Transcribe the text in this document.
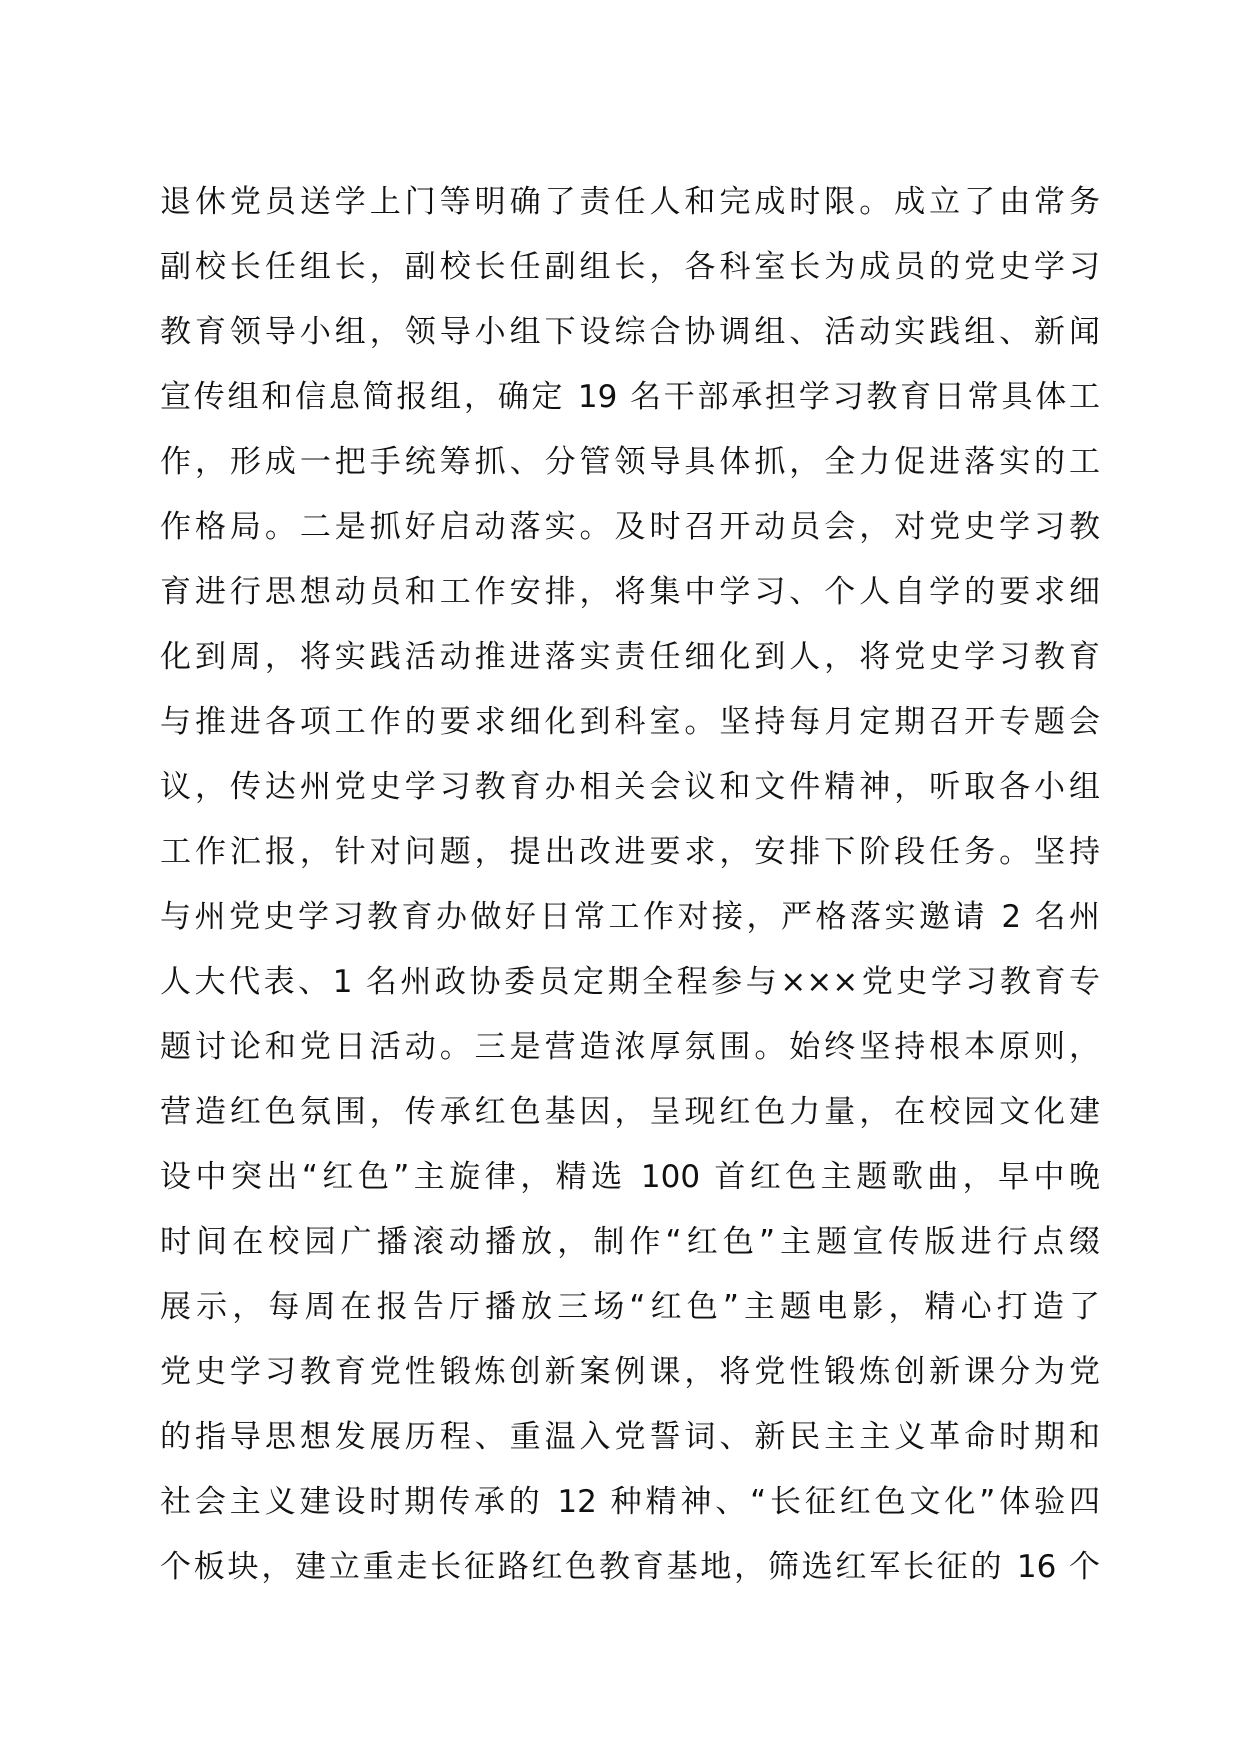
退休党员送学上门等明确了责任人和完成时限。成立了由常务
副校长任组长，副校长任副组长，各科室长为成员的党史学习
教育领导小组，领导小组下设综合协调组、活动实践组、新闻
宣传组和信息简报组，确定 19 名干部承担学习教育日常具体工
作，形成一把手统筹抓、分管领导具体抓，全力促进落实的工
作格局。二是抓好启动落实。及时召开动员会，对党史学习教
育进行思想动员和工作安排，将集中学习、个人自学的要求细
化到周，将实践活动推进落实责任细化到人，将党史学习教育
与推进各项工作的要求细化到科室。坚持每月定期召开专题会
议，传达州党史学习教育办相关会议和文件精神，听取各小组
工作汇报，针对问题，提出改进要求，安排下阶段任务。坚持
与州党史学习教育办做好日常工作对接，严格落实邀请 2 名州
人大代表、1 名州政协委员定期全程参与×××党史学习教育专
题讨论和党日活动。三是营造浓厚氛围。始终坚持根本原则，
营造红色氛围，传承红色基因，呈现红色力量，在校园文化建
设中突出“红色”主旋律，精选 100 首红色主题歌曲，早中晚
时间在校园广播滚动播放，制作“红色”主题宣传版进行点缀
展示，每周在报告厅播放三场“红色”主题电影，精心打造了
党史学习教育党性锻炼创新案例课，将党性锻炼创新课分为党
的指导思想发展历程、重温入党誓词、新民主主义革命时期和
社会主义建设时期传承的 12 种精神、“长征红色文化”体验四
个板块，建立重走长征路红色教育基地，筛选红军长征的 16 个
